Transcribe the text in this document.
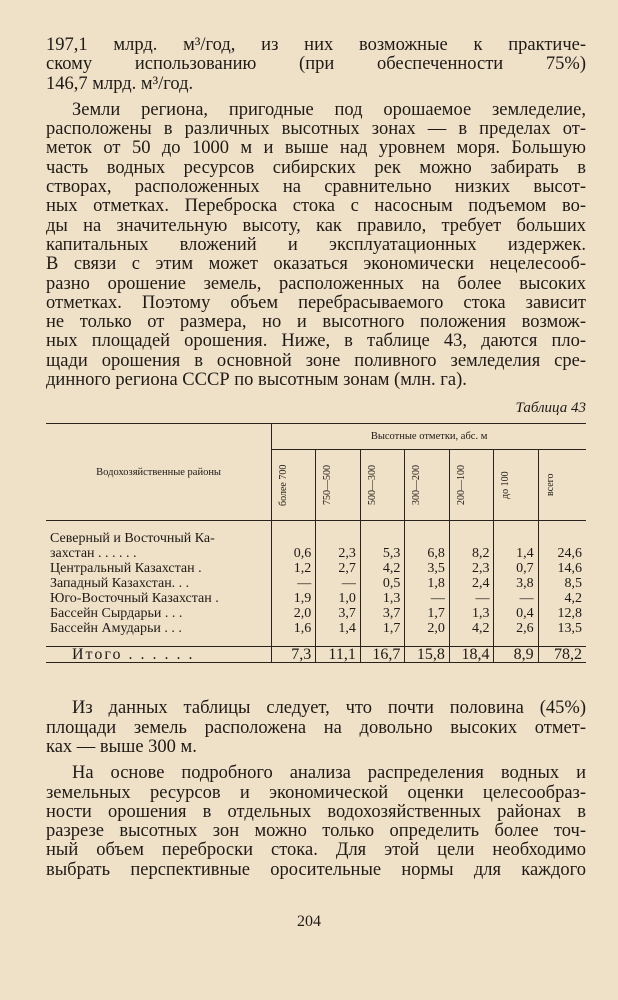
197,1 млрд. м³/год, из них возможные к практиче-
скому использованию (при обеспеченности 75%)
146,7 млрд. м³/год.

Земли региона, пригодные под орошаемое земледелие,
расположены в различных высотных зонах — в пределах от-
меток от 50 до 1000 м и выше над уровнем моря. Большую
часть водных ресурсов сибирских рек можно забирать в
створах, расположенных на сравнительно низких высот-
ных отметках. Переброска стока с насосным подъемом во-
ды на значительную высоту, как правило, требует больших
капитальных вложений и эксплуатационных издержек.
В связи с этим может оказаться экономически нецелесооб-
разно орошение земель, расположенных на более высоких
отметках. Поэтому объем перебрасываемого стока зависит
не только от размера, но и высотного положения возмож-
ных площадей орошения. Ниже, в таблице 43, даются пло-
щади орошения в основной зоне поливного земледелия сре-
динного региона СССР по высотным зонам (млн. га).

Таблица 43
Водохозяйственные районы	Высотные отметки, абс. м						

	более 700	750—500	500—300	300—200	200—100	до 100	всего

Северный и Восточный Ка-							
захстан . . . . . .	0,6	2,3	5,3	6,8	8,2	1,4	24,6
Центральный Казахстан .	1,2	2,7	4,2	3,5	2,3	0,7	14,6
Западный Казахстан. . .	—	—	0,5	1,8	2,4	3,8	8,5
Юго-Восточный Казахстан .	1,9	1,0	1,3	—	—	—	4,2
Бассейн Сырдарьи . . .	2,0	3,7	3,7	1,7	1,3	0,4	12,8
Бассейн Амударьи . . .	1,6	1,4	1,7	2,0	4,2	2,6	13,5
Итого . . . . . .	7,3	11,1	16,7	15,8	18,4	8,9	78,2

Из данных таблицы следует, что почти половина (45%)
площади земель расположена на довольно высоких отмет-
ках — выше 300 м.

На основе подробного анализа распределения водных и
земельных ресурсов и экономической оценки целесообраз-
ности орошения в отдельных водохозяйственных районах в
разрезе высотных зон можно только определить более точ-
ный объем переброски стока. Для этой цели необходимо
выбрать перспективные оросительные нормы для каждого

204
